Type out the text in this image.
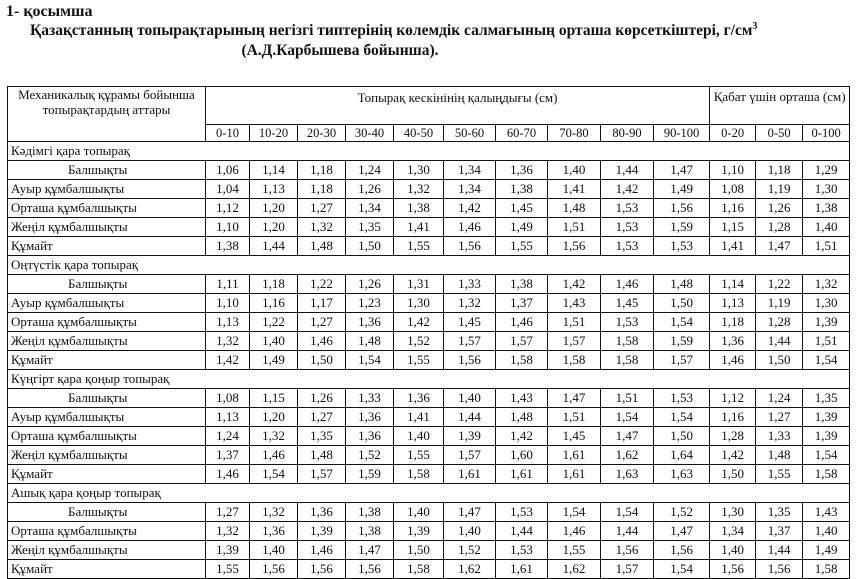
1- қосымша
Қазақстанның топырақтарының негізгі типтерінің көлемдік салмағының орташа көрсеткіштері, $г/см^3$
(А.Д.Карбышева бойынша).
Механикалық құрамы бойынша топырақтардың аттары	Топырақ кескінінің қалыңдығы (см)										Қабат үшін орташа (см)		
	0-10	10-20	20-30	30-40	40-50	50-60	60-70	70-80	80-90	90-100	0-20	0-50	0-100
Кәдімгі қара топырақ													
Балшықты	1,06	1,14	1,18	1,24	1,30	1,34	1,36	1,40	1,44	1,47	1,10	1,18	1,29
Ауыр құмбалшықты	1,04	1,13	1,18	1,26	1,32	1,34	1,38	1,41	1,42	1,49	1,08	1,19	1,30
Орташа құмбалшықты	1,12	1,20	1,27	1,34	1,38	1,42	1,45	1,48	1,53	1,56	1,16	1,26	1,38
Жеңіл құмбалшықты	1,10	1,20	1,32	1,35	1,41	1,46	1,49	1,51	1,53	1,59	1,15	1,28	1,40
Құмайт	1,38	1,44	1,48	1,50	1,55	1,56	1,55	1,56	1,53	1,53	1,41	1,47	1,51
Оңтүстік қара топырақ													
Балшықты	1,11	1,18	1,22	1,26	1,31	1,33	1,38	1,42	1,46	1,48	1,14	1,22	1,32
Ауыр құмбалшықты	1,10	1,16	1,17	1,23	1,30	1,32	1,37	1,43	1,45	1,50	1,13	1,19	1,30
Орташа құмбалшықты	1,13	1,22	1,27	1,36	1,42	1,45	1,46	1,51	1,53	1,54	1,18	1,28	1,39
Жеңіл құмбалшықты	1,32	1,40	1,46	1,48	1,52	1,57	1,57	1,57	1,58	1,59	1,36	1,44	1,51
Құмайт	1,42	1,49	1,50	1,54	1,55	1,56	1,58	1,58	1,58	1,57	1,46	1,50	1,54
Күңгірт қара қоңыр топырақ													
Балшықты	1,08	1,15	1,26	1,33	1,36	1,40	1,43	1,47	1,51	1,53	1,12	1,24	1,35
Ауыр құмбалшықты	1,13	1,20	1,27	1,36	1,41	1,44	1,48	1,51	1,54	1,54	1,16	1,27	1,39
Орташа құмбалшықты	1,24	1,32	1,35	1,36	1,40	1,39	1,42	1,45	1,47	1,50	1,28	1,33	1,39
Жеңіл құмбалшықты	1,37	1,46	1,48	1,52	1,55	1,57	1,60	1,61	1,62	1,64	1,42	1,48	1,54
Құмайт	1,46	1,54	1,57	1,59	1,58	1,61	1,61	1,61	1,63	1,63	1,50	1,55	1,58
Ашық қара қоңыр топырақ													
Балшықты	1,27	1,32	1,36	1,38	1,40	1,47	1,53	1,54	1,54	1,52	1,30	1,35	1,43
Орташа құмбалшықты	1,32	1,36	1,39	1,38	1,39	1,40	1,44	1,46	1,44	1,47	1,34	1,37	1,40
Жеңіл құмбалшықты	1,39	1,40	1,46	1,47	1,50	1,52	1,53	1,55	1,56	1,56	1,40	1,44	1,49
Құмайт	1,55	1,56	1,56	1,56	1,58	1,62	1,61	1,62	1,57	1,54	1,56	1,56	1,58
